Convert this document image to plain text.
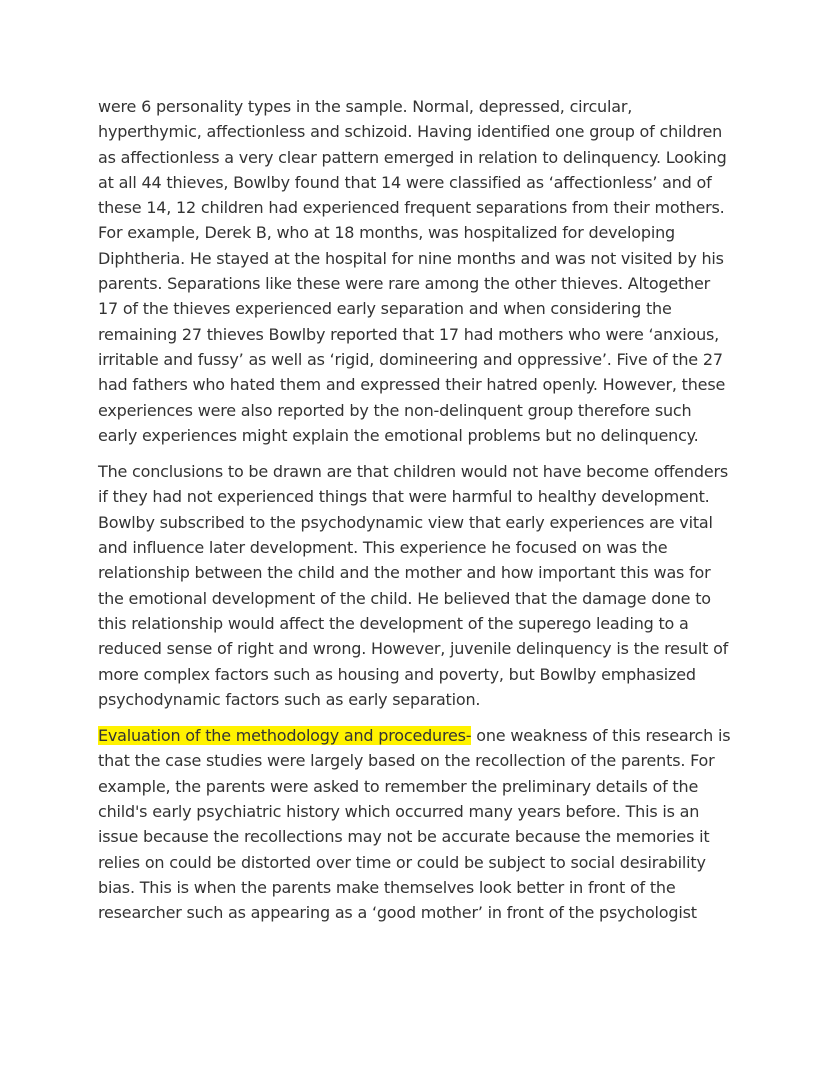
were 6 personality types in the sample. Normal, depressed, circular, hyperthymic, affectionless and schizoid. Having identified one group of children as affectionless a very clear pattern emerged in relation to delinquency. Looking at all 44 thieves, Bowlby found that 14 were classified as ‘affectionless’ and of these 14, 12 children had experienced frequent separations from their mothers. For example, Derek B, who at 18 months, was hospitalized for developing Diphtheria. He stayed at the hospital for nine months and was not visited by his parents. Separations like these were rare among the other thieves. Altogether 17 of the thieves experienced early separation and when considering the remaining 27 thieves Bowlby reported that 17 had mothers who were ‘anxious, irritable and fussy’ as well as ‘rigid, domineering and oppressive’. Five of the 27 had fathers who hated them and expressed their hatred openly. However, these experiences were also reported by the non-delinquent group therefore such early experiences might explain the emotional problems but no delinquency.

The conclusions to be drawn are that children would not have become offenders if they had not experienced things that were harmful to healthy development. Bowlby subscribed to the psychodynamic view that early experiences are vital and influence later development. This experience he focused on was the relationship between the child and the mother and how important this was for the emotional development of the child. He believed that the damage done to this relationship would affect the development of the superego leading to a reduced sense of right and wrong. However, juvenile delinquency is the result of more complex factors such as housing and poverty, but Bowlby emphasized psychodynamic factors such as early separation.

Evaluation of the methodology and procedures- one weakness of this research is that the case studies were largely based on the recollection of the parents. For example, the parents were asked to remember the preliminary details of the child's early psychiatric history which occurred many years before. This is an issue because the recollections may not be accurate because the memories it relies on could be distorted over time or could be subject to social desirability bias. This is when the parents make themselves look better in front of the researcher such as appearing as a ‘good mother’ in front of the psychologist
